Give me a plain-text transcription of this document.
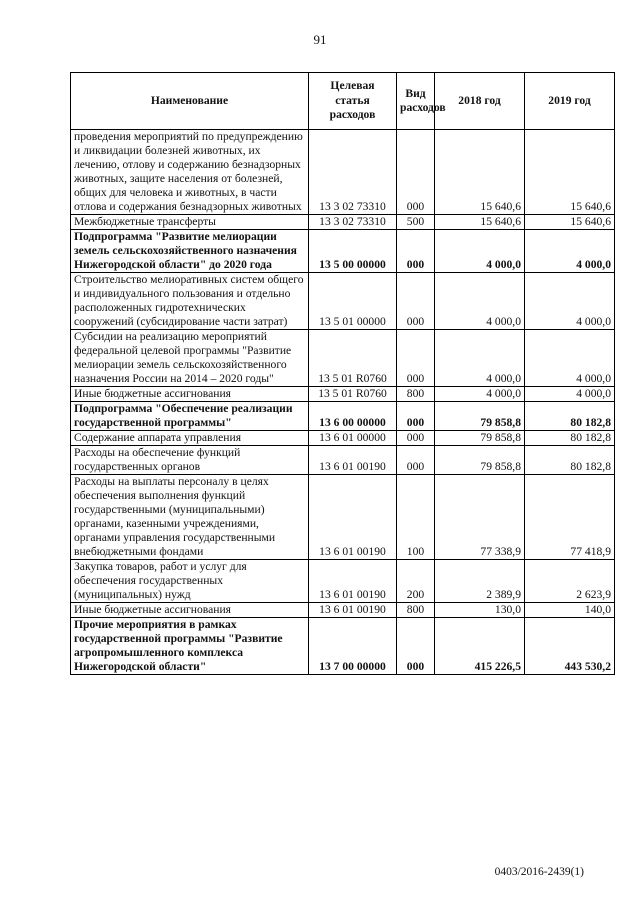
91
Наименование	Целевая статья расходов	Вид расходов	2018 год	2019 год
проведения мероприятий по предупреждению и ликвидации болезней животных, их лечению, отлову и содержанию безнадзорных животных, защите населения от болезней, общих для человека и животных, в части отлова и содержания безнадзорных животных	13 3 02 73310	000	15 640,6	15 640,6
Межбюджетные трансферты	13 3 02 73310	500	15 640,6	15 640,6
Подпрограмма "Развитие мелиорации земель сельскохозяйственного назначения Нижегородской области" до 2020 года	13 5 00 00000	000	4 000,0	4 000,0
Строительство мелиоративных систем общего и индивидуального пользования и отдельно расположенных гидротехнических сооружений (субсидирование части затрат)	13 5 01 00000	000	4 000,0	4 000,0
Субсидии на реализацию мероприятий федеральной целевой программы "Развитие мелиорации земель сельскохозяйственного назначения России на 2014 – 2020 годы"	13 5 01 R0760	000	4 000,0	4 000,0
Иные бюджетные ассигнования	13 5 01 R0760	800	4 000,0	4 000,0
Подпрограмма "Обеспечение реализации государственной программы"	13 6 00 00000	000	79 858,8	80 182,8
Содержание аппарата управления	13 6 01 00000	000	79 858,8	80 182,8
Расходы на обеспечение функций государственных органов	13 6 01 00190	000	79 858,8	80 182,8
Расходы на выплаты персоналу в целях обеспечения выполнения функций государственными (муниципальными) органами, казенными учреждениями, органами управления государственными внебюджетными фондами	13 6 01 00190	100	77 338,9	77 418,9
Закупка товаров, работ и услуг для обеспечения государственных (муниципальных) нужд	13 6 01 00190	200	2 389,9	2 623,9
Иные бюджетные ассигнования	13 6 01 00190	800	130,0	140,0
Прочие мероприятия в рамках государственной программы "Развитие агропромышленного комплекса Нижегородской области"	13 7 00 00000	000	415 226,5	443 530,2
0403/2016-2439(1)
